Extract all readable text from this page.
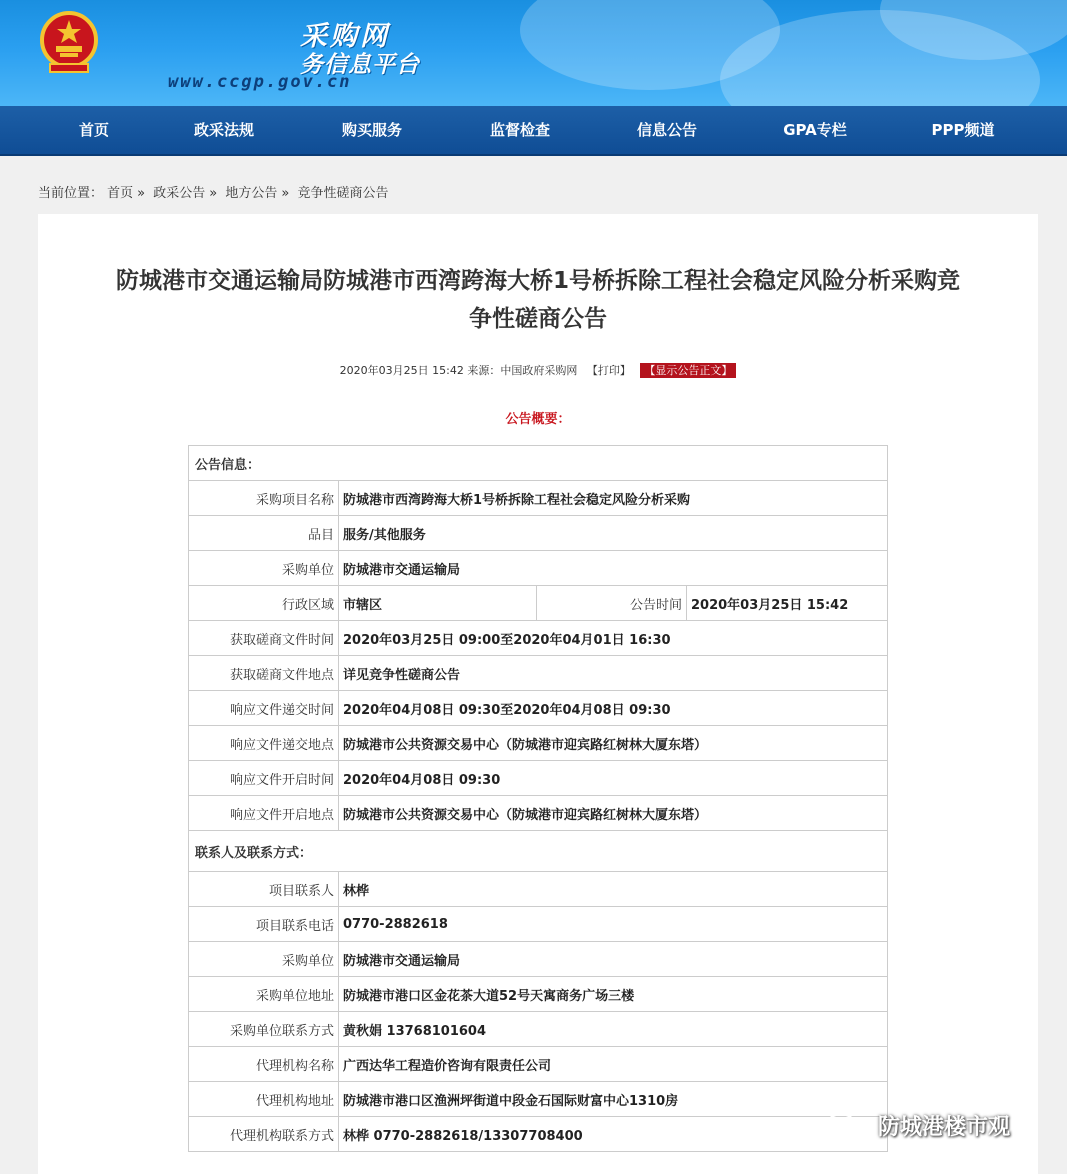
采购网
务信息平台
www.ccgp.gov.cn
首页	政采法规	购买服务	监督检查	信息公告	GPA专栏	PPP频道
当前位置： 首页 » 政采公告 » 地方公告 » 竞争性磋商公告
防城港市交通运输局防城港市西湾跨海大桥1号桥拆除工程社会稳定风险分析采购竞
争性磋商公告
2020年03月25日 15:42 来源：中国政府采购网 【打印】 【显示公告正文】
公告概要：
公告信息：			
采购项目名称	防城港市西湾跨海大桥1号桥拆除工程社会稳定风险分析采购		
品目	服务/其他服务		
采购单位	防城港市交通运输局		
行政区域	市辖区	公告时间	2020年03月25日 15:42
获取磋商文件时间	2020年03月25日 09:00至2020年04月01日 16:30		
获取磋商文件地点	详见竞争性磋商公告		
响应文件递交时间	2020年04月08日 09:30至2020年04月08日 09:30		
响应文件递交地点	防城港市公共资源交易中心（防城港市迎宾路红树林大厦东塔）		
响应文件开启时间	2020年04月08日 09:30		
响应文件开启地点	防城港市公共资源交易中心（防城港市迎宾路红树林大厦东塔）		
联系人及联系方式：			
项目联系人	林桦		
项目联系电话	0770-2882618		
采购单位	防城港市交通运输局		
采购单位地址	防城港市港口区金花茶大道52号天寓商务广场三楼		
采购单位联系方式	黄秋娟 13768101604		
代理机构名称	广西达华工程造价咨询有限责任公司		
代理机构地址	防城港市港口区渔洲坪街道中段金石国际财富中心1310房		
代理机构联系方式	林桦 0770-2882618/13307708400			防城港楼市观
